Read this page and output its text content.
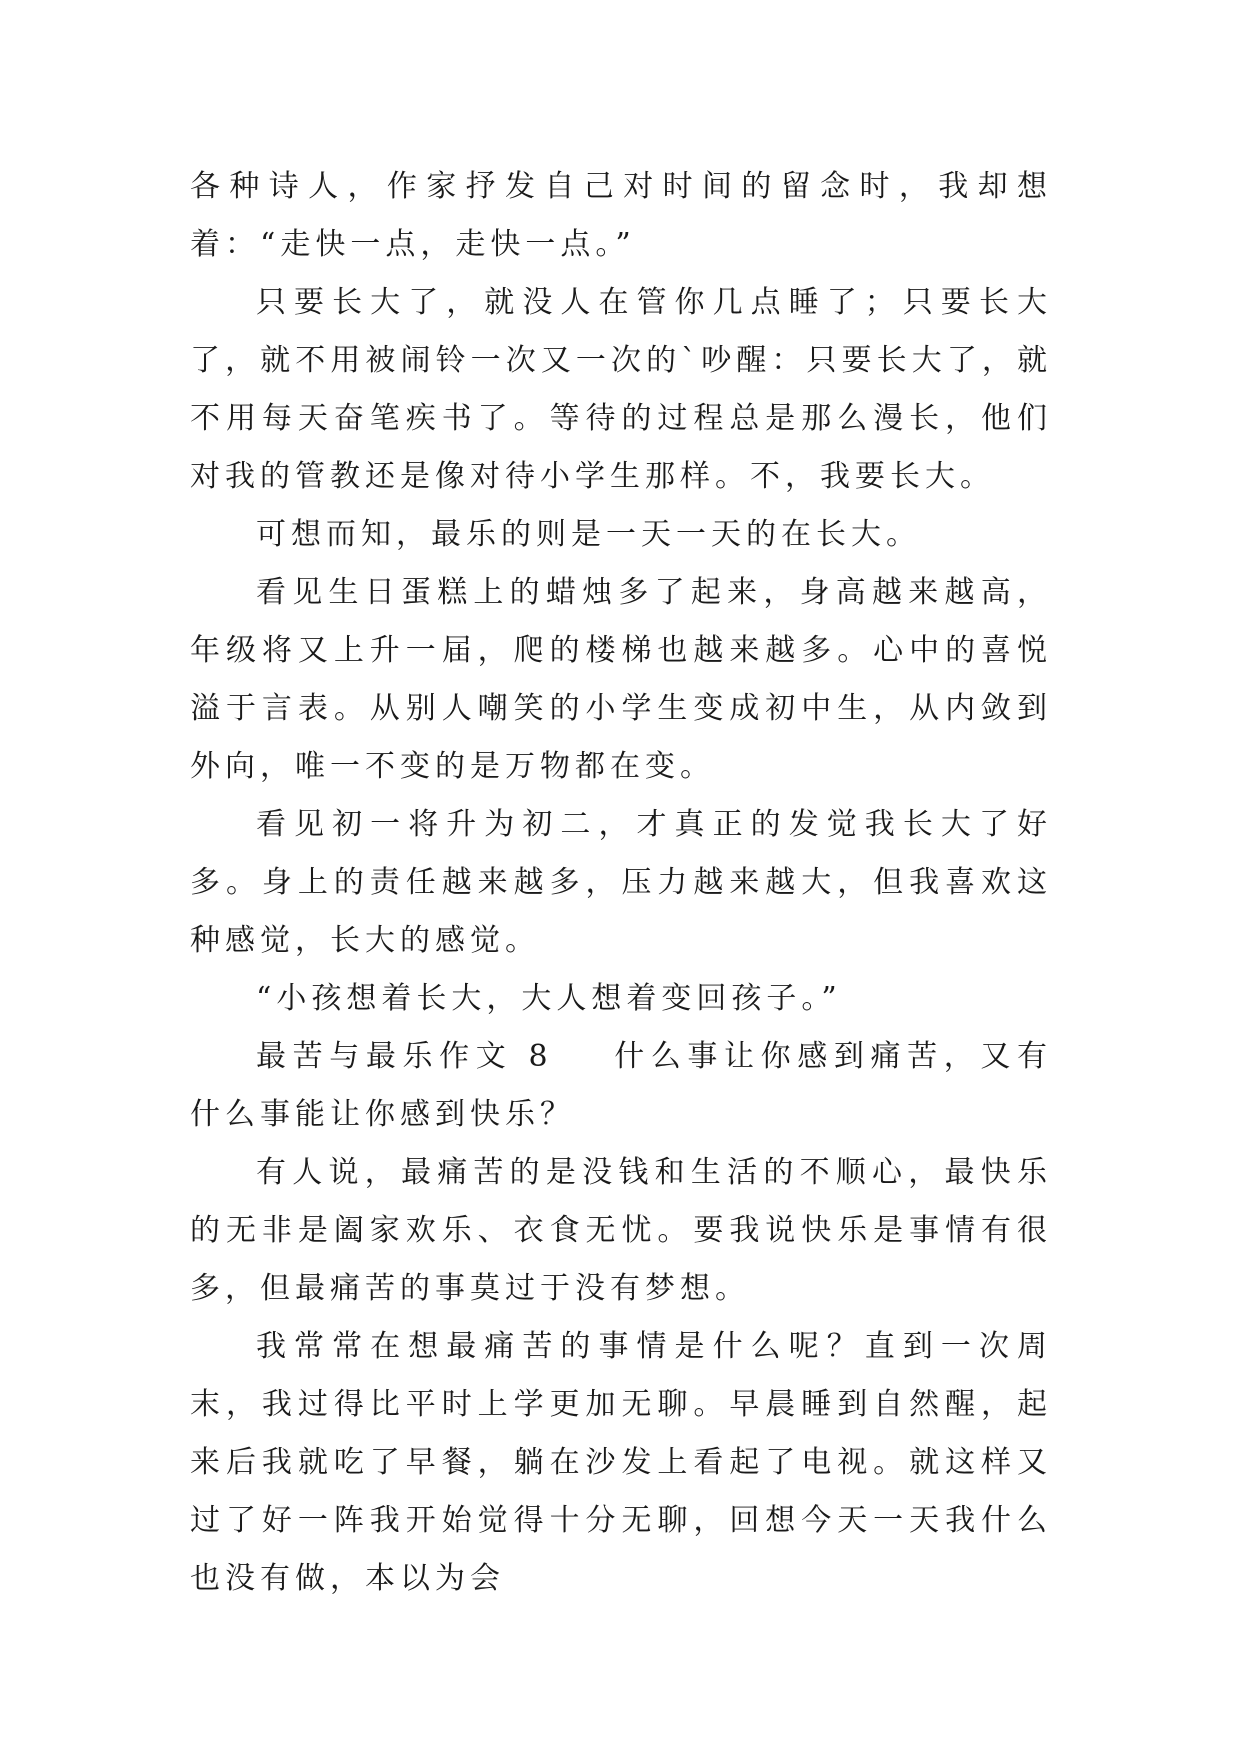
各种诗人，作家抒发自己对时间的留念时，我却想着：“走快一点，走快一点。”

只要长大了，就没人在管你几点睡了；只要长大了，就不用被闹铃一次又一次的`吵醒：只要长大了，就不用每天奋笔疾书了。等待的过程总是那么漫长，他们对我的管教还是像对待小学生那样。不，我要长大。

可想而知，最乐的则是一天一天的在长大。

看见生日蛋糕上的蜡烛多了起来，身高越来越高，年级将又上升一届，爬的楼梯也越来越多。心中的喜悦溢于言表。从别人嘲笑的小学生变成初中生，从内敛到外向，唯一不变的是万物都在变。

看见初一将升为初二，才真正的发觉我长大了好多。身上的责任越来越多，压力越来越大，但我喜欢这种感觉，长大的感觉。

“小孩想着长大，大人想着变回孩子。”

最苦与最乐作文 8 什么事让你感到痛苦，又有什么事能让你感到快乐？

有人说，最痛苦的是没钱和生活的不顺心，最快乐的无非是阖家欢乐、衣食无忧。要我说快乐是事情有很多，但最痛苦的事莫过于没有梦想。

我常常在想最痛苦的事情是什么呢？直到一次周末，我过得比平时上学更加无聊。早晨睡到自然醒，起来后我就吃了早餐，躺在沙发上看起了电视。就这样又过了好一阵我开始觉得十分无聊，回想今天一天我什么也没有做，本以为会
